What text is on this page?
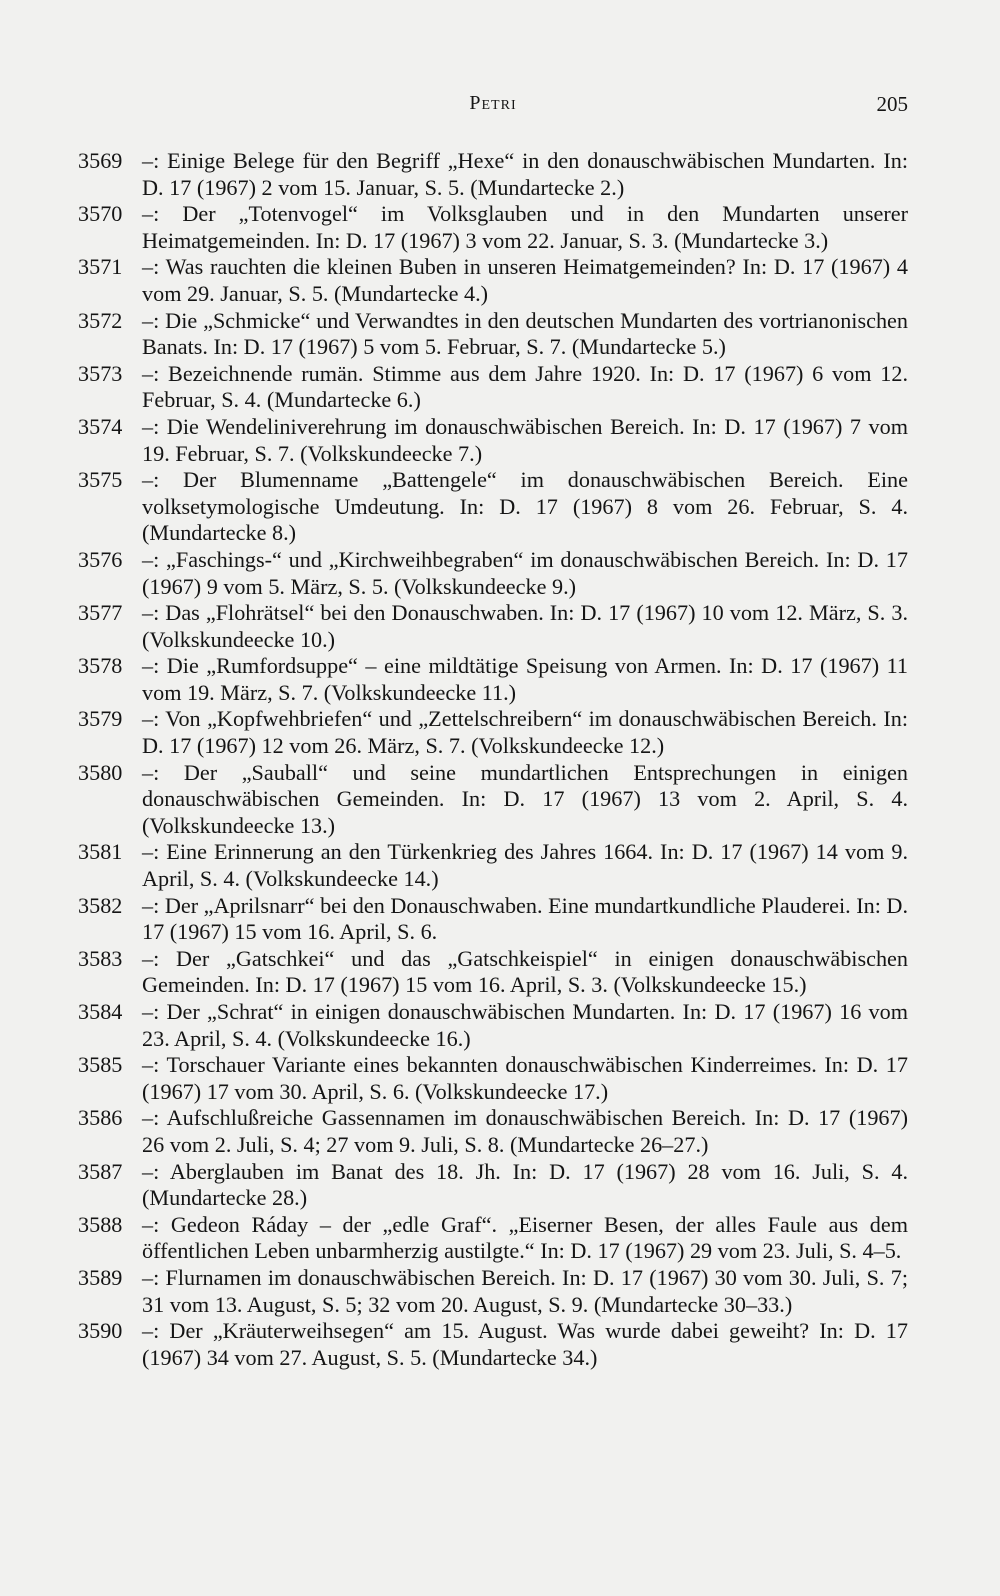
Petri	205

3569 –: Einige Belege für den Begriff „Hexe“ in den donauschwäbischen Mundarten. In: D. 17 (1967) 2 vom 15. Januar, S. 5. (Mundartecke 2.)

3570 –: Der „Totenvogel“ im Volksglauben und in den Mundarten unserer Heimatgemeinden. In: D. 17 (1967) 3 vom 22. Januar, S. 3. (Mundartecke 3.)

3571 –: Was rauchten die kleinen Buben in unseren Heimatgemeinden? In: D. 17 (1967) 4 vom 29. Januar, S. 5. (Mundartecke 4.)

3572 –: Die „Schmicke“ und Verwandtes in den deutschen Mundarten des vortrianonischen Banats. In: D. 17 (1967) 5 vom 5. Februar, S. 7. (Mundartecke 5.)

3573 –: Bezeichnende rumän. Stimme aus dem Jahre 1920. In: D. 17 (1967) 6 vom 12. Februar, S. 4. (Mundartecke 6.)

3574 –: Die Wendeliniverehrung im donauschwäbischen Bereich. In: D. 17 (1967) 7 vom 19. Februar, S. 7. (Volkskundeecke 7.)

3575 –: Der Blumenname „Battengele“ im donauschwäbischen Bereich. Eine volksetymologische Umdeutung. In: D. 17 (1967) 8 vom 26. Februar, S. 4. (Mundartecke 8.)

3576 –: „Faschings-“ und „Kirchweihbegraben“ im donauschwäbischen Bereich. In: D. 17 (1967) 9 vom 5. März, S. 5. (Volkskundeecke 9.)

3577 –: Das „Flohrätsel“ bei den Donauschwaben. In: D. 17 (1967) 10 vom 12. März, S. 3. (Volkskundeecke 10.)

3578 –: Die „Rumfordsuppe“ – eine mildtätige Speisung von Armen. In: D. 17 (1967) 11 vom 19. März, S. 7. (Volkskundeecke 11.)

3579 –: Von „Kopfwehbriefen“ und „Zettelschreibern“ im donauschwäbischen Bereich. In: D. 17 (1967) 12 vom 26. März, S. 7. (Volkskundeecke 12.)

3580 –: Der „Sauball“ und seine mundartlichen Entsprechungen in einigen donauschwäbischen Gemeinden. In: D. 17 (1967) 13 vom 2. April, S. 4. (Volkskundeecke 13.)

3581 –: Eine Erinnerung an den Türkenkrieg des Jahres 1664. In: D. 17 (1967) 14 vom 9. April, S. 4. (Volkskundeecke 14.)

3582 –: Der „Aprilsnarr“ bei den Donauschwaben. Eine mundartkundliche Plauderei. In: D. 17 (1967) 15 vom 16. April, S. 6.

3583 –: Der „Gatschkei“ und das „Gatschkeispiel“ in einigen donauschwäbischen Gemeinden. In: D. 17 (1967) 15 vom 16. April, S. 3. (Volkskundeecke 15.)

3584 –: Der „Schrat“ in einigen donauschwäbischen Mundarten. In: D. 17 (1967) 16 vom 23. April, S. 4. (Volkskundeecke 16.)

3585 –: Torschauer Variante eines bekannten donauschwäbischen Kinderreimes. In: D. 17 (1967) 17 vom 30. April, S. 6. (Volkskundeecke 17.)

3586 –: Aufschlußreiche Gassennamen im donauschwäbischen Bereich. In: D. 17 (1967) 26 vom 2. Juli, S. 4; 27 vom 9. Juli, S. 8. (Mundartecke 26–27.)

3587 –: Aberglauben im Banat des 18. Jh. In: D. 17 (1967) 28 vom 16. Juli, S. 4. (Mundartecke 28.)

3588 –: Gedeon Ráday – der „edle Graf“. „Eiserner Besen, der alles Faule aus dem öffentlichen Leben unbarmherzig austilgte.“ In: D. 17 (1967) 29 vom 23. Juli, S. 4–5.

3589 –: Flurnamen im donauschwäbischen Bereich. In: D. 17 (1967) 30 vom 30. Juli, S. 7; 31 vom 13. August, S. 5; 32 vom 20. August, S. 9. (Mundartecke 30–33.)

3590 –: Der „Kräuterweihsegen“ am 15. August. Was wurde dabei geweiht? In: D. 17 (1967) 34 vom 27. August, S. 5. (Mundartecke 34.)
